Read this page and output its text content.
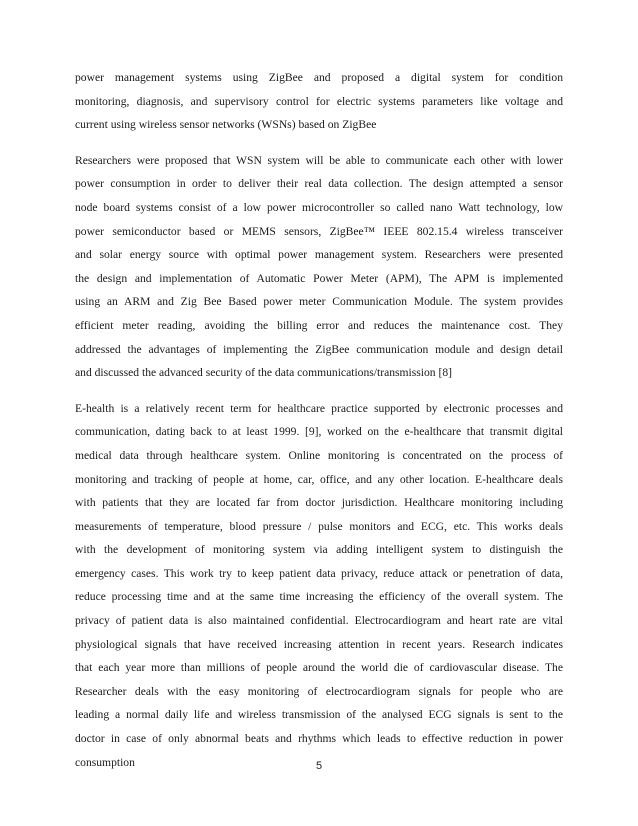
power management systems using ZigBee and proposed a digital system for condition
monitoring, diagnosis, and supervisory control for electric systems parameters like voltage and
current using wireless sensor networks (WSNs) based on ZigBee

Researchers were proposed that WSN system will be able to communicate each other with lower
power consumption in order to deliver their real data collection. The design attempted a sensor
node board systems consist of a low power microcontroller so called nano Watt technology, low
power semiconductor based or MEMS sensors, ZigBee™ IEEE 802.15.4 wireless transceiver
and solar energy source with optimal power management system. Researchers were presented
the design and implementation of Automatic Power Meter (APM), The APM is implemented
using an ARM and Zig Bee Based power meter Communication Module. The system provides
efficient meter reading, avoiding the billing error and reduces the maintenance cost. They
addressed the advantages of implementing the ZigBee communication module and design detail
and discussed the advanced security of the data communications/transmission [8]

E-health is a relatively recent term for healthcare practice supported by electronic processes and
communication, dating back to at least 1999. [9], worked on the e-healthcare that transmit digital
medical data through healthcare system. Online monitoring is concentrated on the process of
monitoring and tracking of people at home, car, office, and any other location. E-healthcare deals
with patients that they are located far from doctor jurisdiction. Healthcare monitoring including
measurements of temperature, blood pressure / pulse monitors and ECG, etc. This works deals
with the development of monitoring system via adding intelligent system to distinguish the
emergency cases. This work try to keep patient data privacy, reduce attack or penetration of data,
reduce processing time and at the same time increasing the efficiency of the overall system. The
privacy of patient data is also maintained confidential. Electrocardiogram and heart rate are vital
physiological signals that have received increasing attention in recent years. Research indicates
that each year more than millions of people around the world die of cardiovascular disease. The
Researcher deals with the easy monitoring of electrocardiogram signals for people who are
leading a normal daily life and wireless transmission of the analysed ECG signals is sent to the
doctor in case of only abnormal beats and rhythms which leads to effective reduction in power
consumption	5
